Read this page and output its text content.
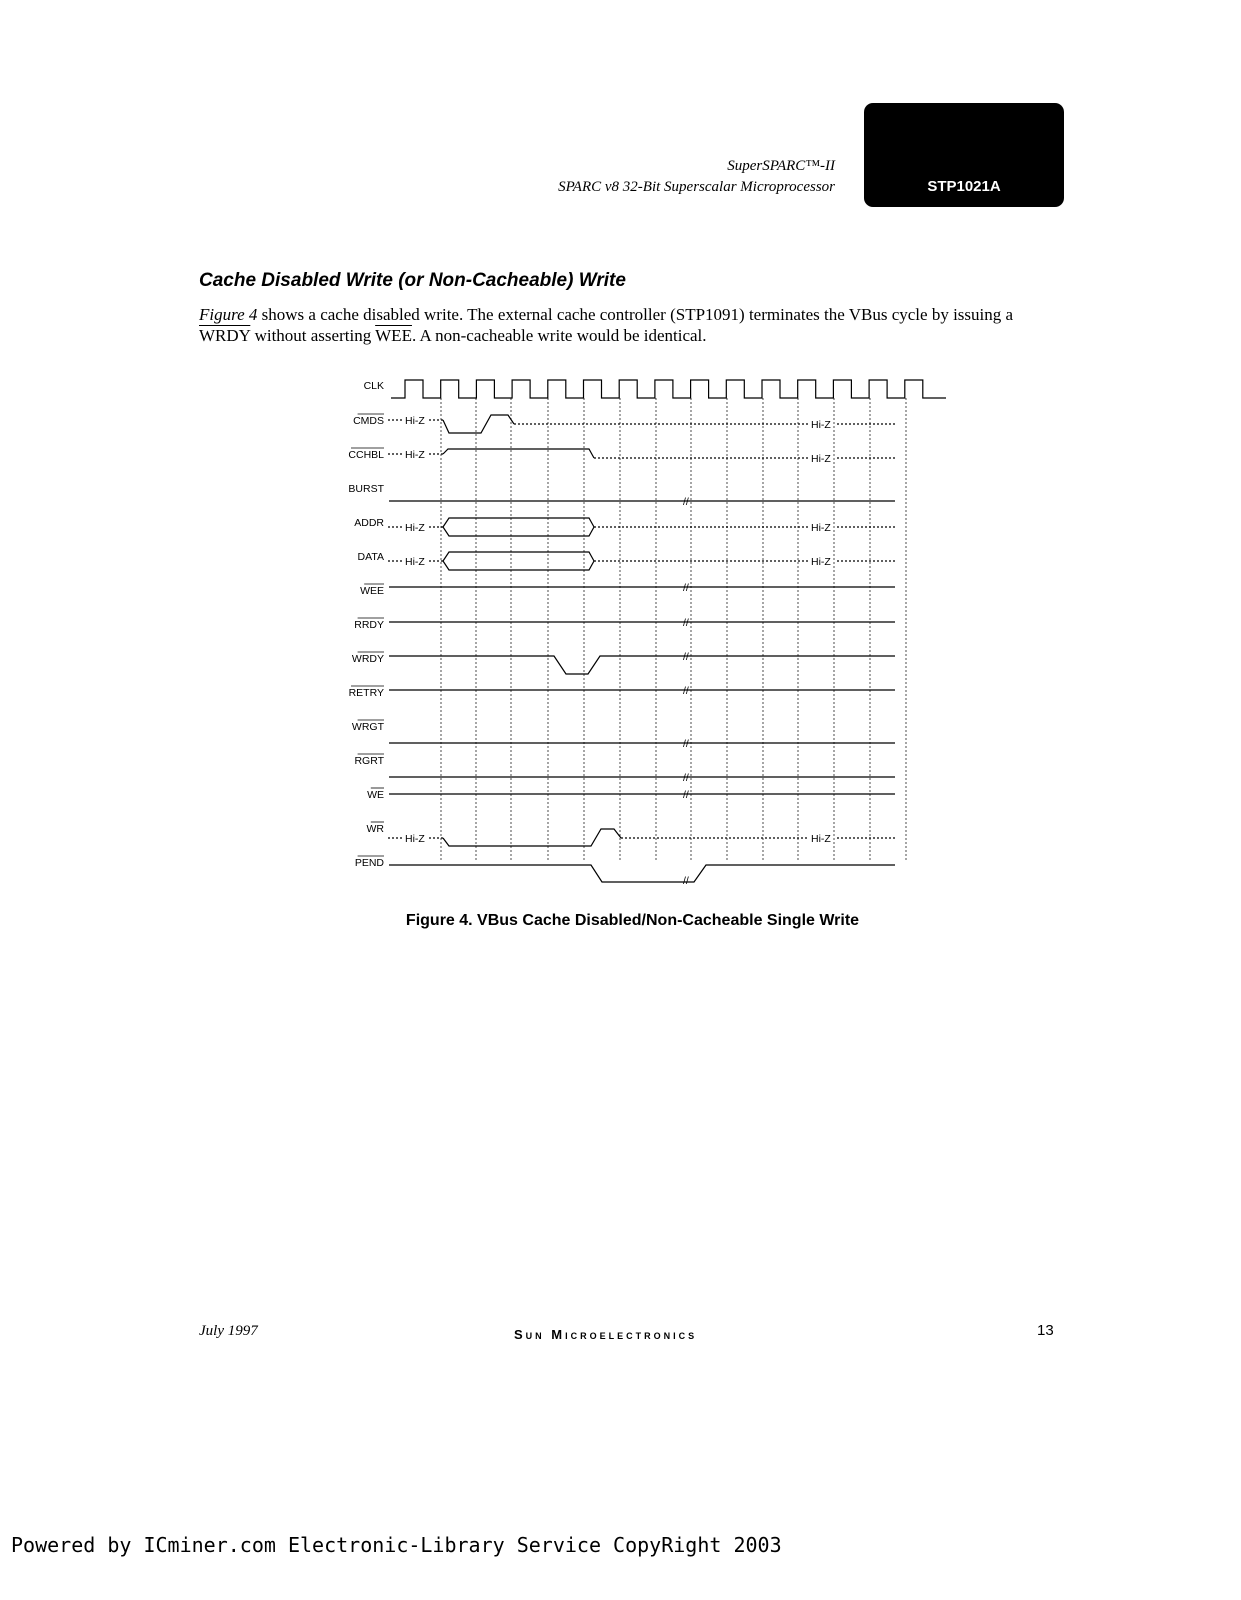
SuperSPARC™-II
SPARC v8 32-Bit Superscalar Microprocessor	STP1021A
Cache Disabled Write (or Non-Cacheable) Write
Figure 4 shows a cache disabled write. The external cache controller (STP1091) terminates the VBus cycle by issuing a WRDY without asserting $\overline{WEE}$. A non-cacheable write would be identical.
CLK
CMDS
CCHBL
BURST
ADDR
DATA
WEE
RRDY
WRDY
RETRY
WRGT
RGRT
WE
WR
PEND
Hi-Z	Hi-Z
Hi-Z	Hi-Z
//
Hi-Z	Hi-Z
Hi-Z	Hi-Z
//
//
//
//
//
//
//
Hi-Z	Hi-Z
//
Figure 4. VBus Cache Disabled/Non-Cacheable Single Write
July 1997	Sun Microelectronics	13
Powered by ICminer.com Electronic-Library Service CopyRight 2003
